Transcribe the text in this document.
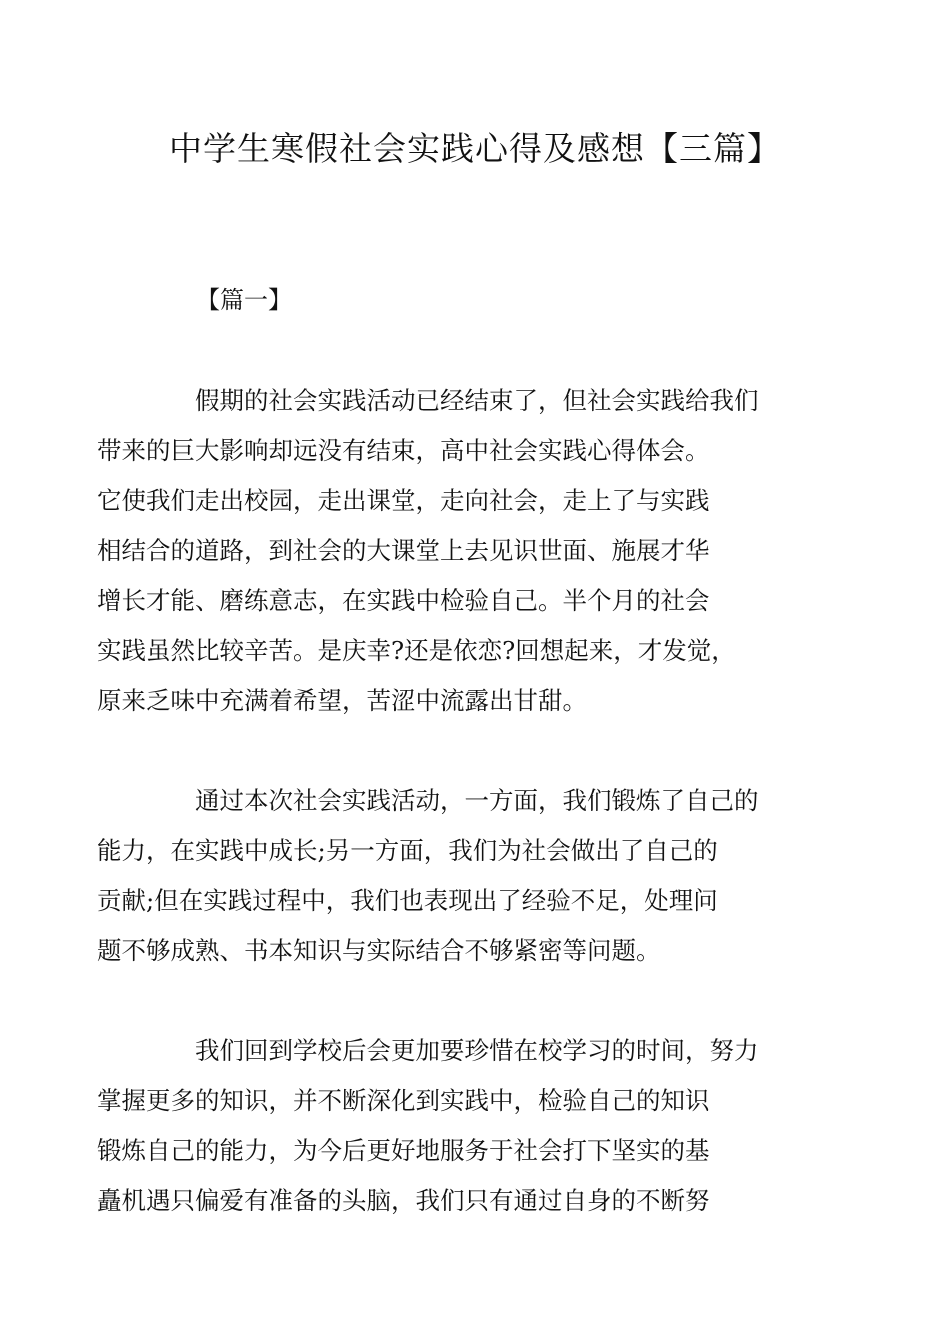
中学生寒假社会实践心得及感想【三篇】

【篇一】

假期的社会实践活动已经结束了，但社会实践给我们
带来的巨大影响却远没有结束，高中社会实践心得体会。
它使我们走出校园，走出课堂，走向社会，走上了与实践
相结合的道路，到社会的大课堂上去见识世面、施展才华
增长才能、磨练意志，在实践中检验自己。半个月的社会
实践虽然比较辛苦。是庆幸?还是依恋?回想起来，才发觉，
原来乏味中充满着希望，苦涩中流露出甘甜。

通过本次社会实践活动，一方面，我们锻炼了自己的
能力，在实践中成长;另一方面，我们为社会做出了自己的
贡献;但在实践过程中，我们也表现出了经验不足，处理问
题不够成熟、书本知识与实际结合不够紧密等问题。

我们回到学校后会更加要珍惜在校学习的时间，努力
掌握更多的知识，并不断深化到实践中，检验自己的知识
锻炼自己的能力，为今后更好地服务于社会打下坚实的基
矗机遇只偏爱有准备的头脑，我们只有通过自身的不断努
